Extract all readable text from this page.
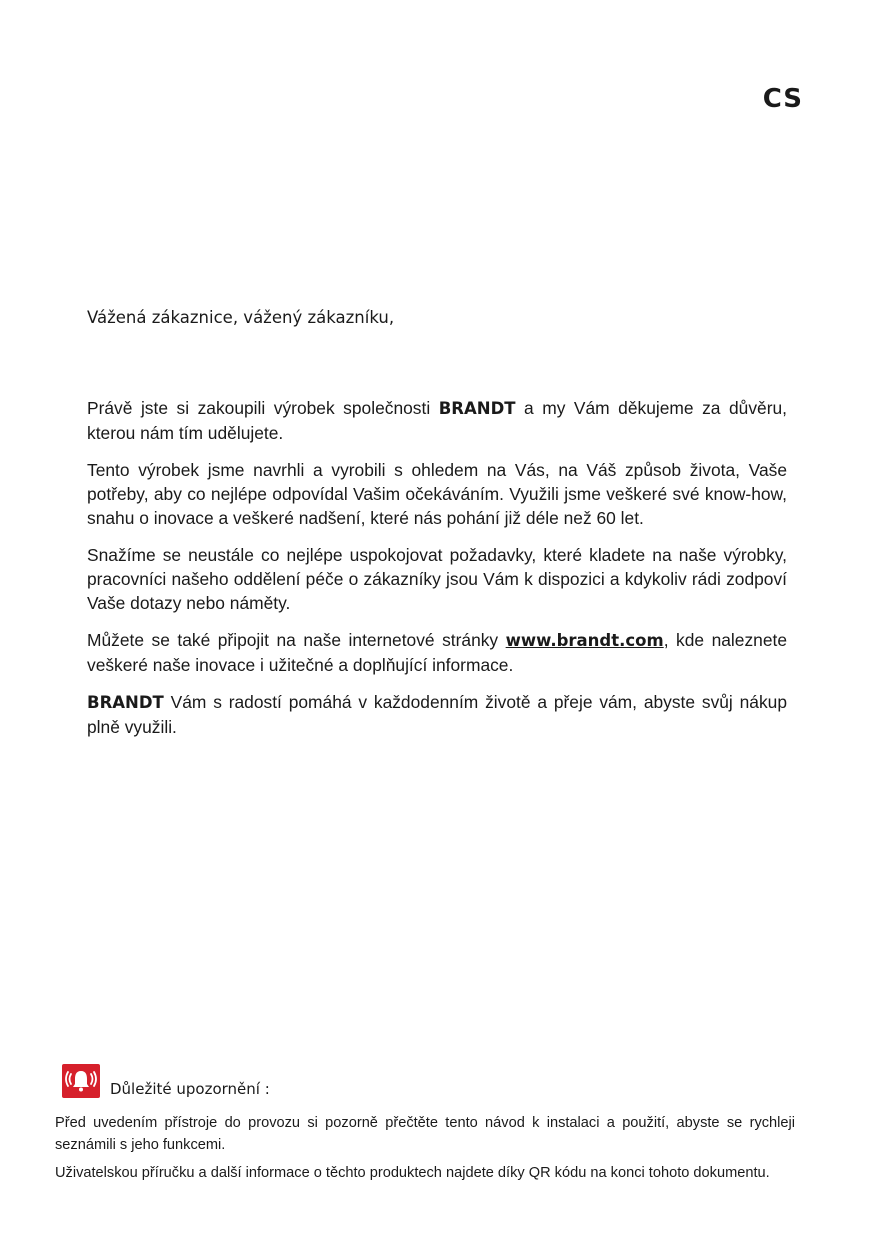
CS
Vážená zákaznice, vážený zákazníku,

Právě jste si zakoupili výrobek společnosti BRANDT a my Vám děkujeme za důvěru, kterou nám tím udělujete.

Tento výrobek jsme navrhli a vyrobili s ohledem na Vás, na Váš způsob života, Vaše potřeby, aby co nejlépe odpovídal Vašim očekáváním. Využili jsme veškeré své know-how, snahu o inovace a veškeré nadšení, které nás pohání již déle než 60 let.

Snažíme se neustále co nejlépe uspokojovat požadavky, které kladete na naše výrobky, pracovníci našeho oddělení péče o zákazníky jsou Vám k dispozici a kdykoliv rádi zodpoví Vaše dotazy nebo náměty.

Můžete se také připojit na naše internetové stránky www.brandt.com, kde naleznete veškeré naše inovace i užitečné a doplňující informace.

BRANDT Vám s radostí pomáhá v každodenním životě a přeje vám, abyste svůj nákup plně využili.

Důležité upozornění :

Před uvedením přístroje do provozu si pozorně přečtěte tento návod k instalaci a použití, abyste se rychleji seznámili s jeho funkcemi.

Uživatelskou příručku a další informace o těchto produktech najdete díky QR kódu na konci tohoto dokumentu.
